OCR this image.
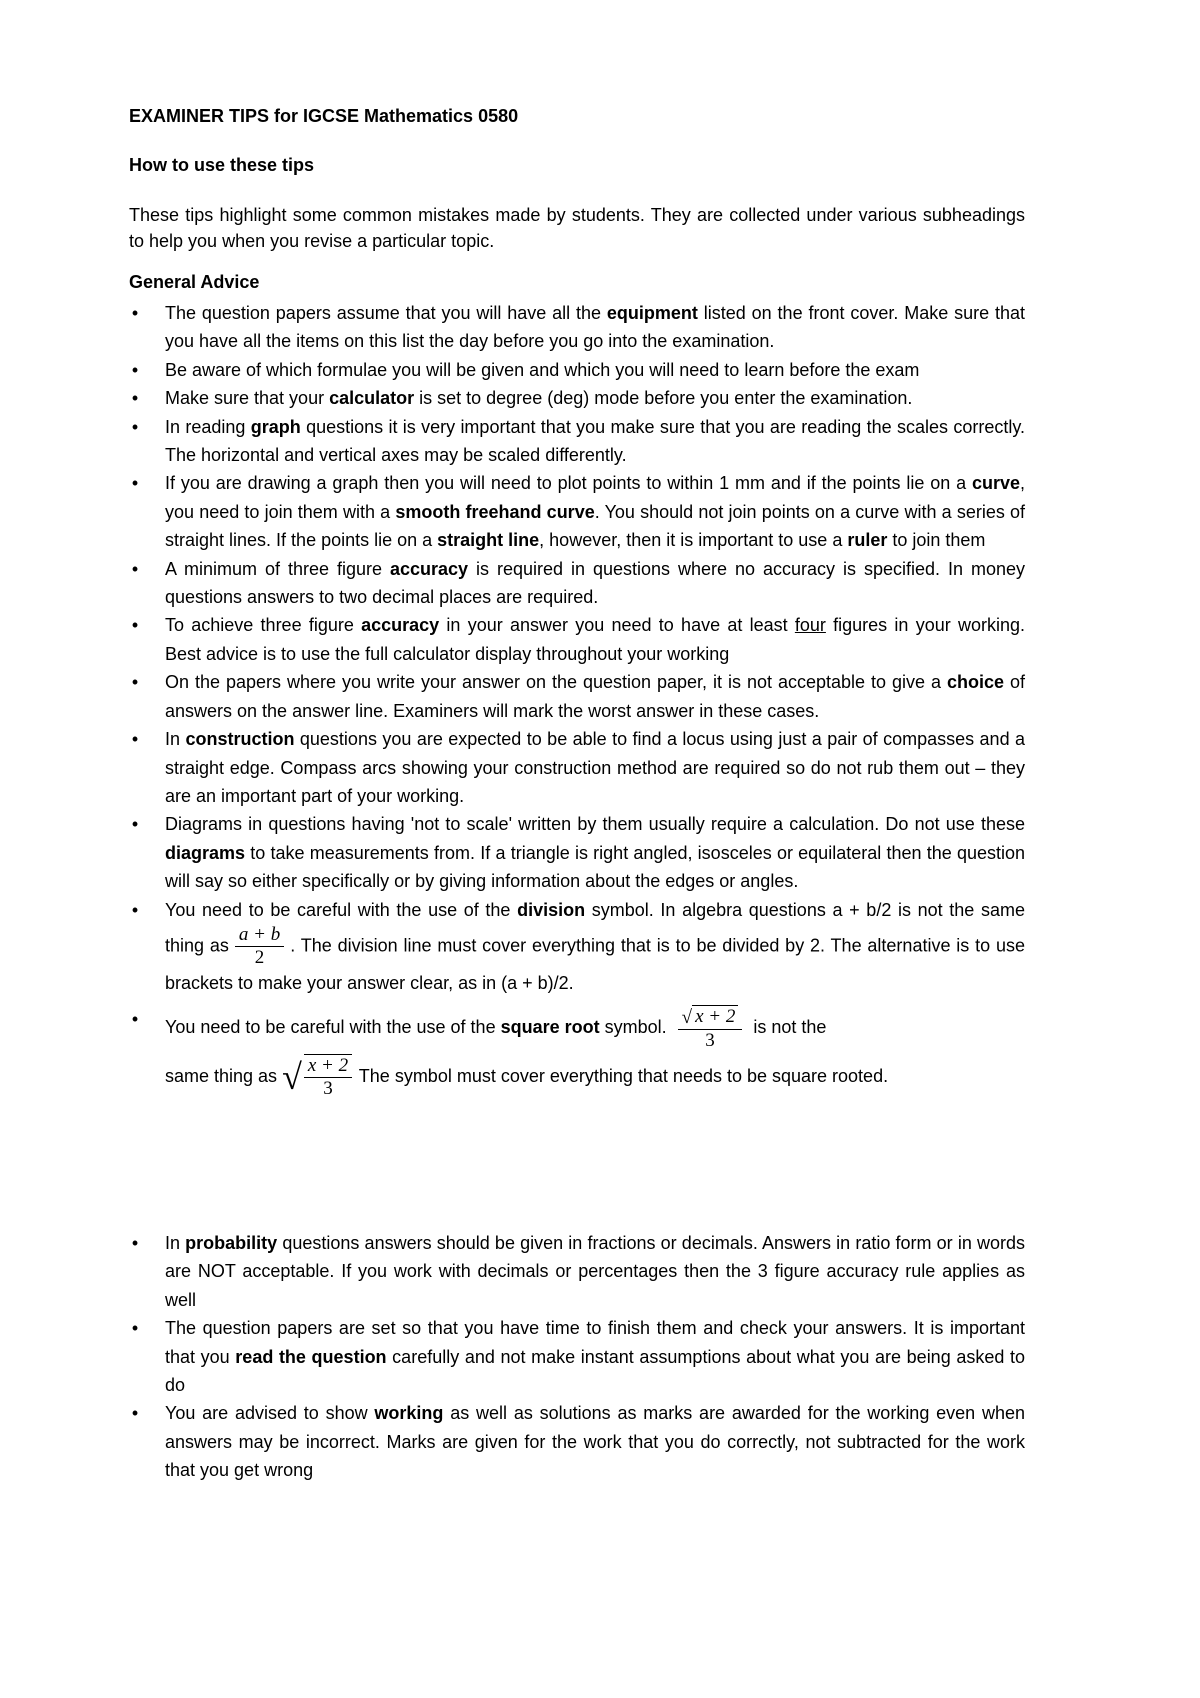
EXAMINER TIPS for IGCSE Mathematics 0580
How to use these tips

These tips highlight some common mistakes made by students. They are collected under various subheadings to help you when you revise a particular topic.

General Advice
• The question papers assume that you will have all the equipment listed on the front cover. Make sure that you have all the items on this list the day before you go into the examination.
• Be aware of which formulae you will be given and which you will need to learn before the exam
• Make sure that your calculator is set to degree (deg) mode before you enter the examination.
• In reading graph questions it is very important that you make sure that you are reading the scales correctly. The horizontal and vertical axes may be scaled differently.
• If you are drawing a graph then you will need to plot points to within 1 mm and if the points lie on a curve, you need to join them with a smooth freehand curve. You should not join points on a curve with a series of straight lines. If the points lie on a straight line, however, then it is important to use a ruler to join them
• A minimum of three figure accuracy is required in questions where no accuracy is specified. In money questions answers to two decimal places are required.
• To achieve three figure accuracy in your answer you need to have at least four figures in your working. Best advice is to use the full calculator display throughout your working
• On the papers where you write your answer on the question paper, it is not acceptable to give a choice of answers on the answer line. Examiners will mark the worst answer in these cases.
• In construction questions you are expected to be able to find a locus using just a pair of compasses and a straight edge. Compass arcs showing your construction method are required so do not rub them out – they are an important part of your working.
• Diagrams in questions having 'not to scale' written by them usually require a calculation. Do not use these diagrams to take measurements from. If a triangle is right angled, isosceles or equilateral then the question will say so either specifically or by giving information about the edges or angles.
• You need to be careful with the use of the division symbol. In algebra questions a + b/2 is not the same thing as $\frac{a + b}{2}$ . The division line must cover everything that is to be divided by 2. The alternative is to use brackets to make your answer clear, as in (a + b)/2.
• You need to be careful with the use of the square root symbol. $\frac{√ x + 2}{3}$ is not the
same thing as √ $\frac{x + 2}{3}$ The symbol must cover everything that needs to be square rooted.
• In probability questions answers should be given in fractions or decimals. Answers in ratio form or in words are NOT acceptable. If you work with decimals or percentages then the 3 figure accuracy rule applies as well
• The question papers are set so that you have time to finish them and check your answers. It is important that you read the question carefully and not make instant assumptions about what you are being asked to do
• You are advised to show working as well as solutions as marks are awarded for the working even when answers may be incorrect. Marks are given for the work that you do correctly, not subtracted for the work that you get wrong
